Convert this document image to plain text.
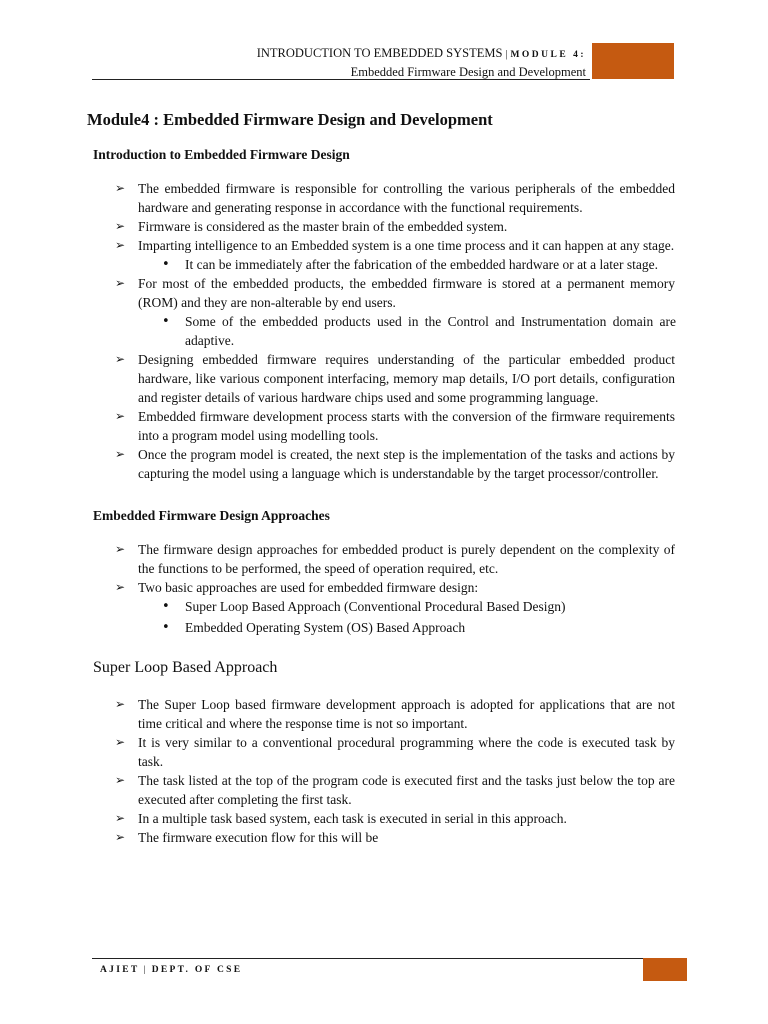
INTRODUCTION TO EMBEDDED SYSTEMS | MODULE 4:
Embedded Firmware Design and Development
Module4 : Embedded Firmware Design and Development
Introduction to Embedded Firmware Design
➢ The embedded firmware is responsible for controlling the various peripherals of the embedded hardware and generating response in accordance with the functional requirements.
➢ Firmware is considered as the master brain of the embedded system.
➢ Imparting intelligence to an Embedded system is a one time process and it can happen at any stage.
• It can be immediately after the fabrication of the embedded hardware or at a later stage.
➢ For most of the embedded products, the embedded firmware is stored at a permanent memory (ROM) and they are non-alterable by end users.
• Some of the embedded products used in the Control and Instrumentation domain are adaptive.
➢ Designing embedded firmware requires understanding of the particular embedded product hardware, like various component interfacing, memory map details, I/O port details, configuration and register details of various hardware chips used and some programming language.
➢ Embedded firmware development process starts with the conversion of the firmware requirements into a program model using modelling tools.
➢ Once the program model is created, the next step is the implementation of the tasks and actions by capturing the model using a language which is understandable by the target processor/controller.
Embedded Firmware Design Approaches
➢ The firmware design approaches for embedded product is purely dependent on the complexity of the functions to be performed, the speed of operation required, etc.
➢ Two basic approaches are used for embedded firmware design:
• Super Loop Based Approach (Conventional Procedural Based Design)
• Embedded Operating System (OS) Based Approach
Super Loop Based Approach
➢ The Super Loop based firmware development approach is adopted for applications that are not time critical and where the response time is not so important.
➢ It is very similar to a conventional procedural programming where the code is executed task by task.
➢ The task listed at the top of the program code is executed first and the tasks just below the top are executed after completing the first task.
➢ In a multiple task based system, each task is executed in serial in this approach.
➢ The firmware execution flow for this will be
AJIET | DEPT. OF CSE
